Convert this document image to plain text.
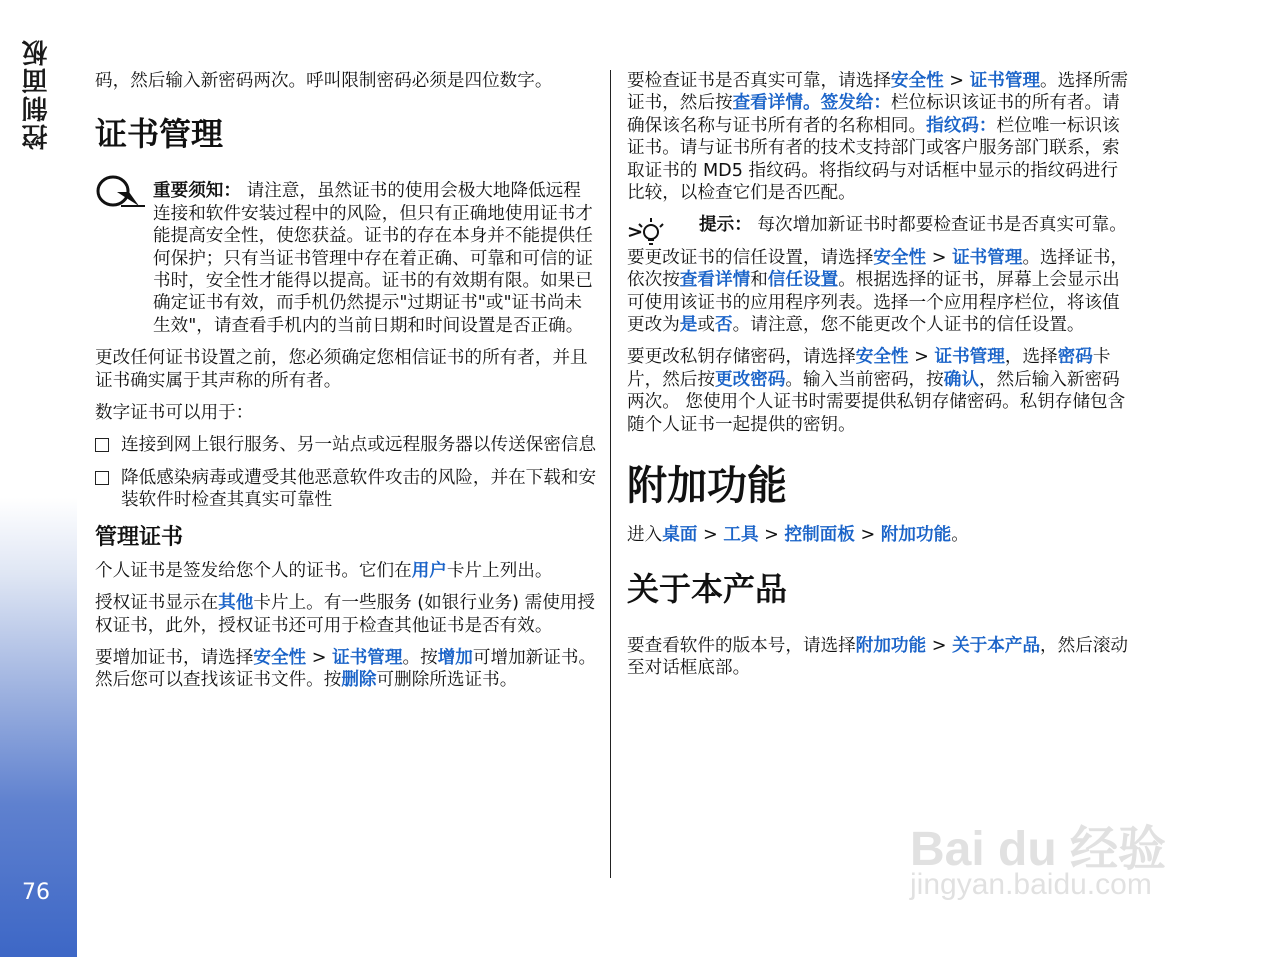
控制面板
76

码，然后输入新密码两次。呼叫限制密码必须是四位数字。

证书管理

重要须知： 请注意，虽然证书的使用会极大地降低远程连接和软件安装过程中的风险，但只有正确地使用证书才能提高安全性，使您获益。证书的存在本身并不能提供任何保护；只有当证书管理中存在着正确、可靠和可信的证书时，安全性才能得以提高。证书的有效期有限。如果已确定证书有效，而手机仍然提示"过期证书"或"证书尚未生效"，请查看手机内的当前日期和时间设置是否正确。

更改任何证书设置之前，您必须确定您相信证书的所有者，并且证书确实属于其声称的所有者。

数字证书可以用于：

连接到网上银行服务、另一站点或远程服务器以传送保密信息
降低感染病毒或遭受其他恶意软件攻击的风险，并在下载和安装软件时检查其真实可靠性
管理证书

个人证书是签发给您个人的证书。它们在用户卡片上列出。

授权证书显示在其他卡片上。有一些服务 (如银行业务) 需使用授权证书，此外，授权证书还可用于检查其他证书是否有效。

要增加证书，请选择安全性 > 证书管理。按增加可增加新证书。然后您可以查找该证书文件。按删除可删除所选证书。

要检查证书是否真实可靠，请选择安全性 > 证书管理。选择所需证书，然后按查看详情。签发给：栏位标识该证书的所有者。请确保该名称与证书所有者的名称相同。指纹码：栏位唯一标识该证书。请与证书所有者的技术支持部门或客户服务部门联系，索取证书的 MD5 指纹码。将指纹码与对话框中显示的指纹码进行比较，以检查它们是否匹配。

提示： 每次增加新证书时都要检查证书是否真实可靠。

要更改证书的信任设置，请选择安全性 > 证书管理。选择证书，依次按查看详情和信任设置。根据选择的证书，屏幕上会显示出可使用该证书的应用程序列表。选择一个应用程序栏位，将该值更改为是或否。请注意，您不能更改个人证书的信任设置。

要更改私钥存储密码，请选择安全性 > 证书管理，选择密码卡片，然后按更改密码。输入当前密码，按确认，然后输入新密码两次。 您使用个人证书时需要提供私钥存储密码。私钥存储包含随个人证书一起提供的密钥。

附加功能

进入桌面 > 工具 > 控制面板 > 附加功能。

关于本产品

要查看软件的版本号，请选择附加功能 > 关于本产品，然后滚动至对话框底部。

Bai du 经验
jingyan.baidu.com
